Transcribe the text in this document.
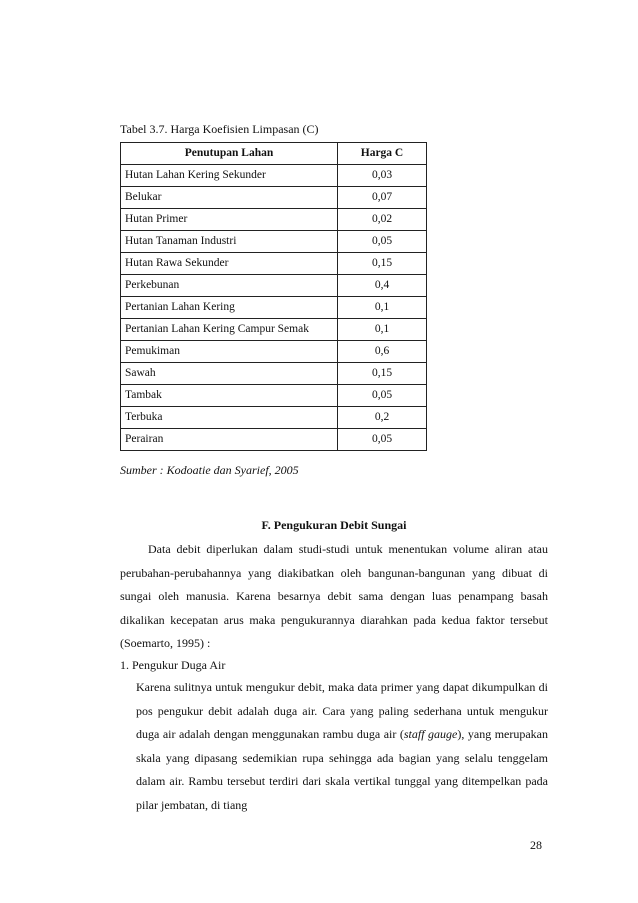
Tabel 3.7. Harga Koefisien Limpasan (C)
Penutupan Lahan	Harga C
Hutan Lahan Kering Sekunder	0,03
Belukar	0,07
Hutan Primer	0,02
Hutan Tanaman Industri	0,05
Hutan Rawa Sekunder	0,15
Perkebunan	0,4
Pertanian Lahan Kering	0,1
Pertanian Lahan Kering Campur Semak	0,1
Pemukiman	0,6
Sawah	0,15
Tambak	0,05
Terbuka	0,2
Perairan	0,05
Sumber : Kodoatie dan Syarief, 2005
F. Pengukuran Debit Sungai
Data debit diperlukan dalam studi-studi untuk menentukan volume aliran atau perubahan-perubahannya yang diakibatkan oleh bangunan-bangunan yang dibuat di sungai oleh manusia. Karena besarnya debit sama dengan luas penampang basah dikalikan kecepatan arus maka pengukurannya diarahkan pada kedua faktor tersebut (Soemarto, 1995) :
1. Pengukur Duga Air
Karena sulitnya untuk mengukur debit, maka data primer yang dapat dikumpulkan di pos pengukur debit adalah duga air. Cara yang paling sederhana untuk mengukur duga air adalah dengan menggunakan rambu duga air (staff gauge), yang merupakan skala yang dipasang sedemikian rupa sehingga ada bagian yang selalu tenggelam dalam air. Rambu tersebut terdiri dari skala vertikal tunggal yang ditempelkan pada pilar jembatan, di tiang
28
